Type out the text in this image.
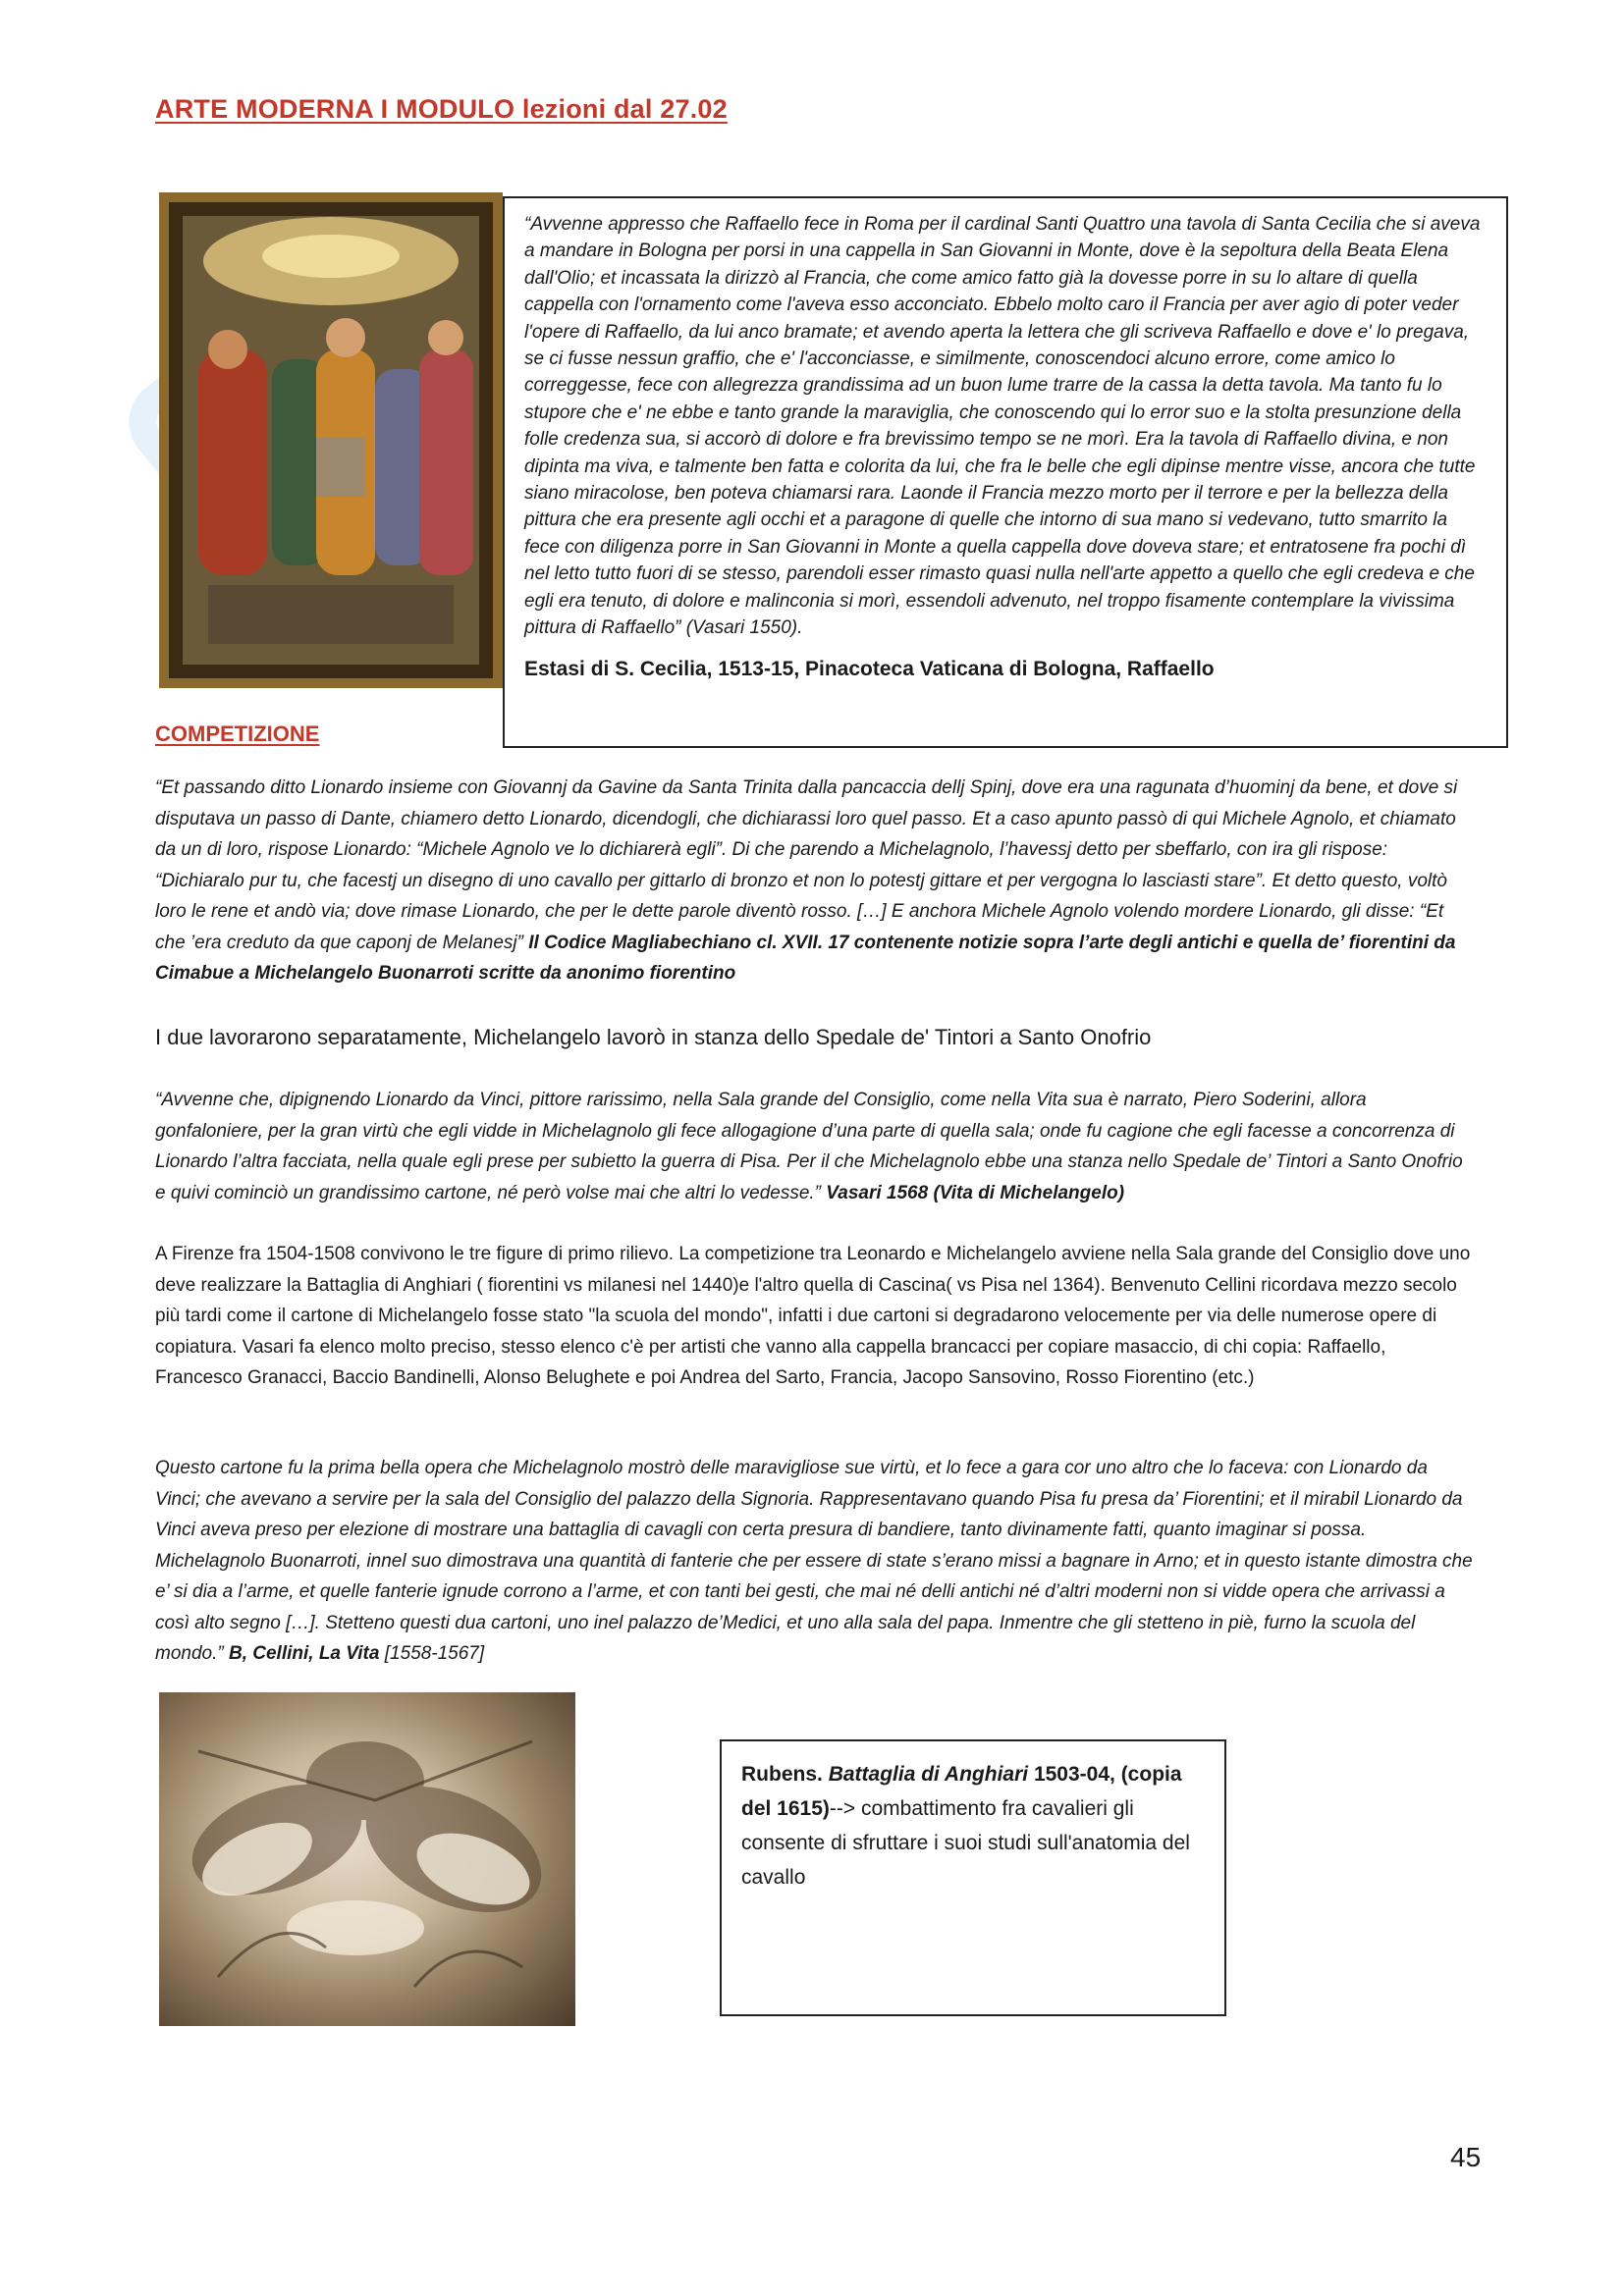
ARTE MODERNA I MODULO lezioni dal 27.02
“Avvenne appresso che Raffaello fece in Roma per il cardinal Santi Quattro una tavola di Santa Cecilia che si aveva a mandare in Bologna per porsi in una cappella in San Giovanni in Monte, dove è la sepoltura della Beata Elena dall'Olio; et incassata la dirizzò al Francia, che come amico fatto già la dovesse porre in su lo altare di quella cappella con l'ornamento come l'aveva esso acconciato. Ebbelo molto caro il Francia per aver agio di poter veder l'opere di Raffaello, da lui anco bramate; et avendo aperta la lettera che gli scriveva Raffaello e dove e' lo pregava, se ci fusse nessun graffio, che e' l'acconciasse, e similmente, conoscendoci alcuno errore, come amico lo correggesse, fece con allegrezza grandissima ad un buon lume trarre de la cassa la detta tavola. Ma tanto fu lo stupore che e' ne ebbe e tanto grande la maraviglia, che conoscendo qui lo error suo e la stolta presunzione della folle credenza sua, si accorò di dolore e fra brevissimo tempo se ne morì. Era la tavola di Raffaello divina, e non dipinta ma viva, e talmente ben fatta e colorita da lui, che fra le belle che egli dipinse mentre visse, ancora che tutte siano miracolose, ben poteva chiamarsi rara. Laonde il Francia mezzo morto per il terrore e per la bellezza della pittura che era presente agli occhi et a paragone di quelle che intorno di sua mano si vedevano, tutto smarrito la fece con diligenza porre in San Giovanni in Monte a quella cappella dove doveva stare; et entratosene fra pochi dì nel letto tutto fuori di se stesso, parendoli esser rimasto quasi nulla nell'arte appetto a quello che egli credeva e che egli era tenuto, di dolore e malinconia si morì, essendoli advenuto, nel troppo fisamente contemplare la vivissima pittura di Raffaello” (Vasari 1550).
Estasi di S. Cecilia, 1513-15, Pinacoteca Vaticana di Bologna, Raffaello
COMPETIZIONE
“Et passando ditto Lionardo insieme con Giovannj da Gavine da Santa Trinita dalla pancaccia dellj Spinj, dove era una ragunata d’huominj da bene, et dove si disputava un passo di Dante, chiamero detto Lionardo, dicendogli, che dichiarassi loro quel passo. Et a caso apunto passò di qui Michele Agnolo, et chiamato da un di loro, rispose Lionardo: “Michele Agnolo ve lo dichiarerà egli”. Di che parendo a Michelagnolo, l’havessj detto per sbeffarlo, con ira gli rispose: “Dichiaralo pur tu, che facestj un disegno di uno cavallo per gittarlo di bronzo et non lo potestj gittare et per vergogna lo lasciasti stare”. Et detto questo, voltò loro le rene et andò via; dove rimase Lionardo, che per le dette parole diventò rosso. […] E anchora Michele Agnolo volendo mordere Lionardo, gli disse: “Et che ’era creduto da que caponj de Melanesj” Il Codice Magliabechiano cl. XVII. 17 contenente notizie sopra l’arte degli antichi e quella de’ fiorentini da Cimabue a Michelangelo Buonarroti scritte da anonimo fiorentino
I due lavorarono separatamente, Michelangelo lavorò in stanza dello Spedale de' Tintori a Santo Onofrio
“Avvenne che, dipignendo Lionardo da Vinci, pittore rarissimo, nella Sala grande del Consiglio, come nella Vita sua è narrato, Piero Soderini, allora gonfaloniere, per la gran virtù che egli vidde in Michelagnolo gli fece allogagione d’una parte di quella sala; onde fu cagione che egli facesse a concorrenza di Lionardo l’altra facciata, nella quale egli prese per subietto la guerra di Pisa. Per il che Michelagnolo ebbe una stanza nello Spedale de’ Tintori a Santo Onofrio e quivi cominciò un grandissimo cartone, né però volse mai che altri lo vedesse.” Vasari 1568 (Vita di Michelangelo)
A Firenze fra 1504-1508 convivono le tre figure di primo rilievo. La competizione tra Leonardo e Michelangelo avviene nella Sala grande del Consiglio dove uno deve realizzare la Battaglia di Anghiari ( fiorentini vs milanesi nel 1440)e l'altro quella di Cascina( vs Pisa nel 1364). Benvenuto Cellini ricordava mezzo secolo più tardi come il cartone di Michelangelo fosse stato "la scuola del mondo", infatti i due cartoni si degradarono velocemente per via delle numerose opere di copiatura. Vasari fa elenco molto preciso, stesso elenco c'è per artisti che vanno alla cappella brancacci per copiare masaccio, di chi copia: Raffaello, Francesco Granacci, Baccio Bandinelli, Alonso Belughete e poi Andrea del Sarto, Francia, Jacopo Sansovino, Rosso Fiorentino (etc.)
Questo cartone fu la prima bella opera che Michelagnolo mostrò delle maravigliose sue virtù, et lo fece a gara cor uno altro che lo faceva: con Lionardo da Vinci; che avevano a servire per la sala del Consiglio del palazzo della Signoria. Rappresentavano quando Pisa fu presa da’ Fiorentini; et il mirabil Lionardo da Vinci aveva preso per elezione di mostrare una battaglia di cavagli con certa presura di bandiere, tanto divinamente fatti, quanto imaginar si possa. Michelagnolo Buonarroti, innel suo dimostrava una quantità di fanterie che per essere di state s’erano missi a bagnare in Arno; et in questo istante dimostra che e’ si dia a l’arme, et quelle fanterie ignude corrono a l’arme, et con tanti bei gesti, che mai né delli antichi né d’altri moderni non si vidde opera che arrivassi a così alto segno […]. Stetteno questi dua cartoni, uno inel palazzo de’Medici, et uno alla sala del papa. Inmentre che gli stetteno in piè, furno la scuola del mondo.” B, Cellini, La Vita [1558-1567]
Rubens. Battaglia di Anghiari 1503-04, (copia del 1615)--> combattimento fra cavalieri gli consente di sfruttare i suoi studi sull'anatomia del cavallo
45
